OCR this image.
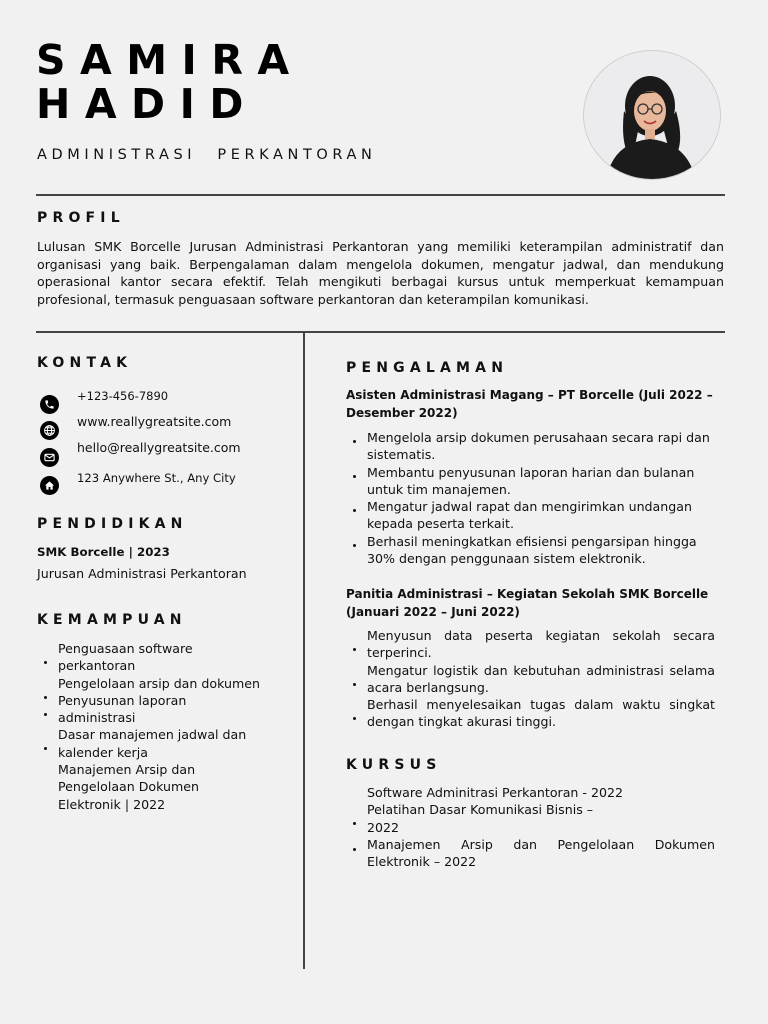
SAMIRA
HADID
ADMINISTRASI PERKANTORAN
PROFIL
Lulusan SMK Borcelle Jurusan Administrasi Perkantoran yang memiliki keterampilan administratif dan organisasi yang baik. Berpengalaman dalam mengelola dokumen, mengatur jadwal, dan mendukung operasional kantor secara efektif. Telah mengikuti berbagai kursus untuk memperkuat kemampuan profesional, termasuk penguasaan software perkantoran dan keterampilan komunikasi.
KONTAK
+123-456-7890
www.reallygreatsite.com
hello@reallygreatsite.com
123 Anywhere St., Any City
PENDIDIKAN
SMK Borcelle | 2023
Jurusan Administrasi Perkantoran
KEMAMPUAN
Penguasaan software perkantoran
Pengelolaan arsip dan dokumen
Penyusunan laporan administrasi
Dasar manajemen jadwal dan kalender kerja
Manajemen Arsip dan Pengelolaan Dokumen Elektronik | 2022
PENGALAMAN
Asisten Administrasi Magang – PT Borcelle (Juli 2022 – Desember 2022)
Mengelola arsip dokumen perusahaan secara rapi dan sistematis.
Membantu penyusunan laporan harian dan bulanan untuk tim manajemen.
Mengatur jadwal rapat dan mengirimkan undangan kepada peserta terkait.
Berhasil meningkatkan efisiensi pengarsipan hingga 30% dengan penggunaan sistem elektronik.
Panitia Administrasi – Kegiatan Sekolah SMK Borcelle (Januari 2022 – Juni 2022)
Menyusun data peserta kegiatan sekolah secara terperinci.
Mengatur logistik dan kebutuhan administrasi selama acara berlangsung.
Berhasil menyelesaikan tugas dalam waktu singkat dengan tingkat akurasi tinggi.
KURSUS
Software Adminitrasi Perkantoran - 2022
Pelatihan Dasar Komunikasi Bisnis – 2022
Manajemen Arsip dan Pengelolaan Dokumen Elektronik – 2022
